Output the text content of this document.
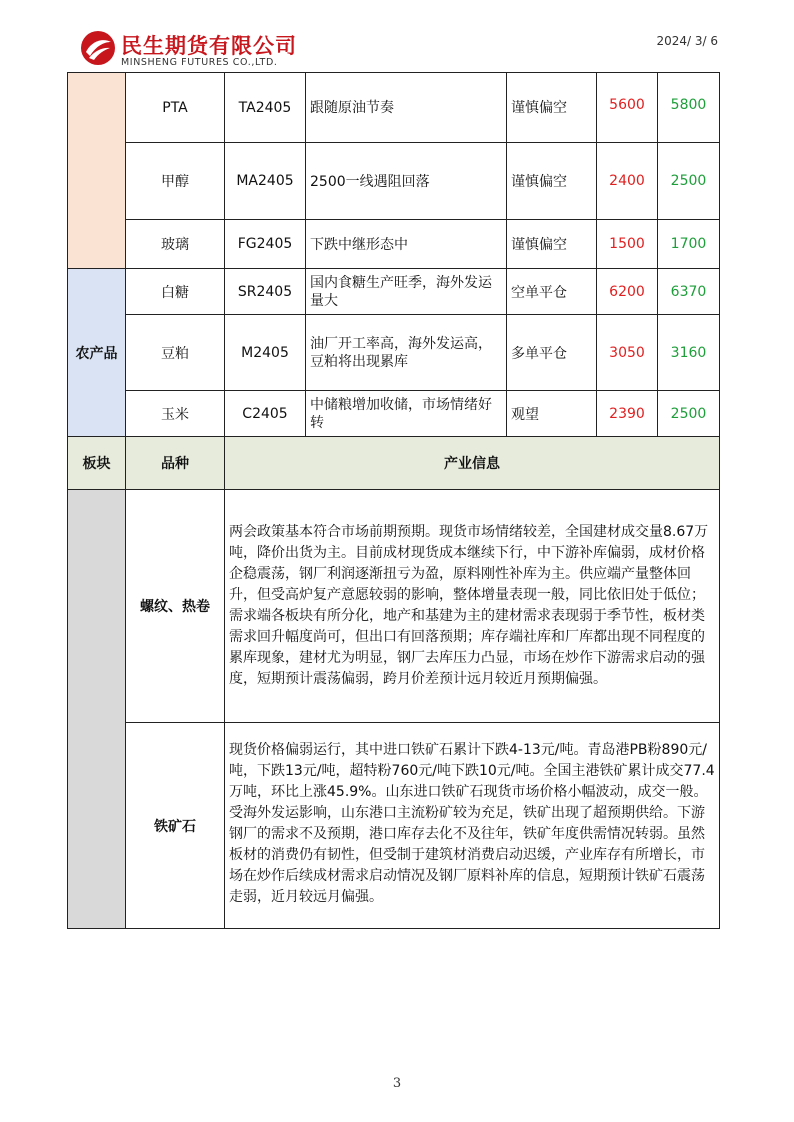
民生期货有限公司
MINSHENG FUTURES CO.,LTD.
2024/ 3/ 6
	PTA	TA2405	跟随原油节奏	谨慎偏空	5600	5800
	甲醇	MA2405	2500一线遇阻回落	谨慎偏空	2400	2500
	玻璃	FG2405	下跌中继形态中	谨慎偏空	1500	1700
农产品	白糖	SR2405	国内食糖生产旺季，海外发运量大	空单平仓	6200	6370
	豆粕	M2405	油厂开工率高，海外发运高，豆粕将出现累库	多单平仓	3050	3160
	玉米	C2405	中储粮增加收储，市场情绪好转	观望	2390	2500
板块	品种	产业信息
	螺纹、热卷	两会政策基本符合市场前期预期。现货市场情绪较差，全国建材成交量8.67万吨，降价出货为主。目前成材现货成本继续下行，中下游补库偏弱，成材价格企稳震荡，钢厂利润逐渐扭亏为盈，原料刚性补库为主。供应端产量整体回升，但受高炉复产意愿较弱的影响，整体增量表现一般，同比依旧处于低位；需求端各板块有所分化，地产和基建为主的建材需求表现弱于季节性，板材类需求回升幅度尚可，但出口有回落预期；库存端社库和厂库都出现不同程度的累库现象，建材尤为明显，钢厂去库压力凸显，市场在炒作下游需求启动的强度，短期预计震荡偏弱，跨月价差预计远月较近月预期偏强。
	铁矿石	现货价格偏弱运行，其中进口铁矿石累计下跌4-13元/吨。青岛港PB粉890元/吨，下跌13元/吨，超特粉760元/吨下跌10元/吨。全国主港铁矿累计成交77.4万吨，环比上涨45.9%。山东进口铁矿石现货市场价格小幅波动，成交一般。受海外发运影响，山东港口主流粉矿较为充足，铁矿出现了超预期供给。下游钢厂的需求不及预期，港口库存去化不及往年，铁矿年度供需情况转弱。虽然板材的消费仍有韧性，但受制于建筑材消费启动迟缓，产业库存有所增长，市场在炒作后续成材需求启动情况及钢厂原料补库的信息，短期预计铁矿石震荡走弱，近月较远月偏强。
3
